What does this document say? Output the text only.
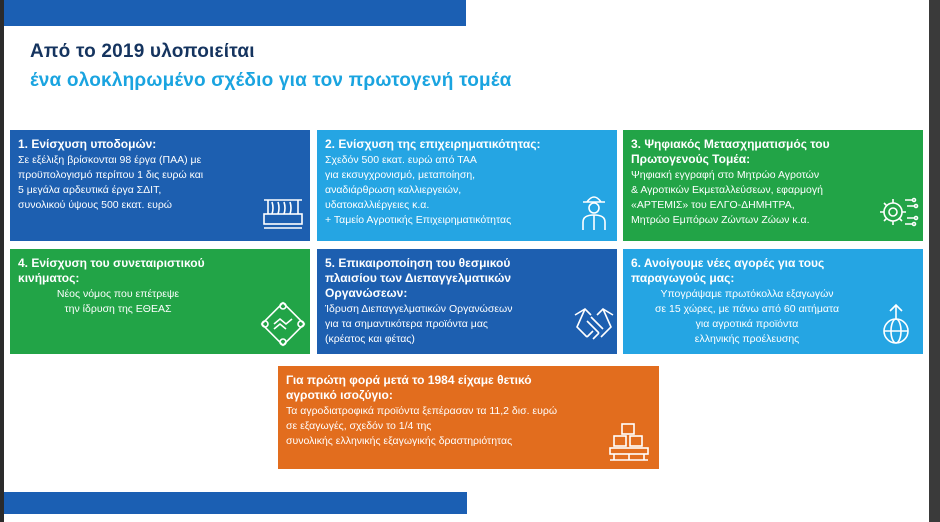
Από το 2019 υλοποιείται
ένα ολοκληρωμένο σχέδιο για τον πρωτογενή τομέα
1. Ενίσχυση υποδομών:
Σε εξέλιξη βρίσκονται 98 έργα (ΠΑΑ) με
προϋπολογισμό περίπου 1 δις ευρώ και
5 μεγάλα αρδευτικά έργα ΣΔΙΤ,
συνολικού ύψους 500 εκατ. ευρώ
2. Ενίσχυση της επιχειρηματικότητας:
Σχεδόν 500 εκατ. ευρώ από ΤΑΑ
για εκσυγχρονισμό, μεταποίηση,
αναδιάρθρωση καλλιεργειών,
υδατοκαλλιέργειες κ.α.
+ Ταμείο Αγροτικής Επιχειρηματικότητας
3. Ψηφιακός Μετασχηματισμός του
Πρωτογενούς Τομέα:
Ψηφιακή εγγραφή στο Μητρώο Αγροτών
& Αγροτικών Εκμεταλλεύσεων, εφαρμογή
«ΑΡΤΕΜΙΣ» του ΕΛΓΟ-ΔΗΜΗΤΡΑ,
Μητρώο Εμπόρων Ζώντων Ζώων κ.α.
4. Ενίσχυση του συνεταιριστικού
κινήματος:
Νέος νόμος που επέτρεψε
την ίδρυση της ΕΘΕΑΣ
5. Επικαιροποίηση του θεσμικού
πλαισίου των Διεπαγγελματικών
Οργανώσεων:
Ίδρυση Διεπαγγελματικών Οργανώσεων
για τα σημαντικότερα προϊόντα μας
(κρέατος και φέτας)
6. Ανοίγουμε νέες αγορές για τους
παραγωγούς μας:
Υπογράψαμε πρωτόκολλα εξαγωγών
σε 15 χώρες, με πάνω από 60 αιτήματα
για αγροτικά προϊόντα
ελληνικής προέλευσης
Για πρώτη φορά μετά το 1984 είχαμε θετικό
αγροτικό ισοζύγιο:
Τα αγροδιατροφικά προϊόντα ξεπέρασαν τα 11,2 δισ. ευρώ
σε εξαγωγές, σχεδόν το 1/4 της
συνολικής ελληνικής εξαγωγικής δραστηριότητας
